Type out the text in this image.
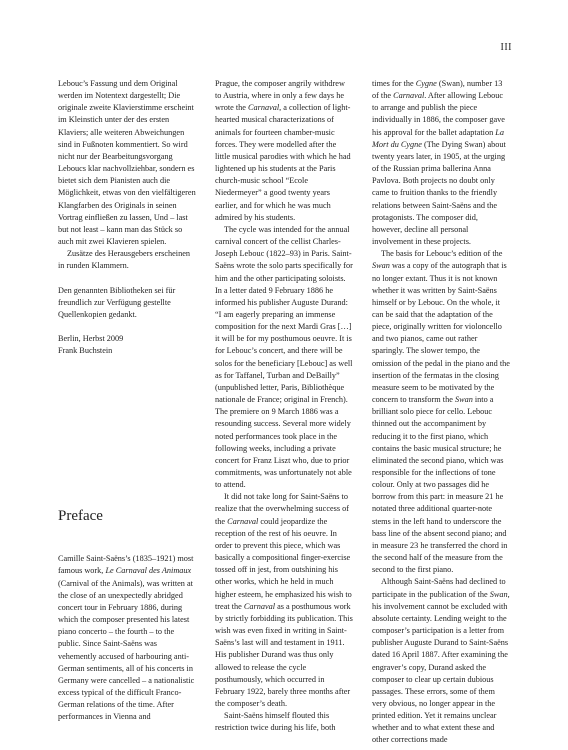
III

Lebouc’s Fassung und dem Original werden im Notentext dargestellt; Die originale zweite Klavierstimme erscheint im Kleinstich unter der des ersten Klaviers; alle weiteren Abweichungen sind in Fußnoten kommentiert. So wird nicht nur der Bearbeitungsvorgang Leboucs klar nachvollziehbar, sondern es bietet sich dem Pianisten auch die Möglichkeit, etwas von den vielfältigeren Klangfarben des Originals in seinen Vortrag einfließen zu lassen, Und – last but not least – kann man das Stück so auch mit zwei Klavieren spielen.

Zusätze des Herausgebers erscheinen in runden Klammern.

Den genannten Bibliotheken sei für freundlich zur Verfügung gestellte Quellenkopien gedankt.

Berlin, Herbst 2009

Frank Buchstein

Preface

Camille Saint-Saëns’s (1835–1921) most famous work, Le Carnaval des Animaux (Carnival of the Animals), was written at the close of an unexpectedly abridged concert tour in February 1886, during which the composer presented his latest piano concerto – the fourth – to the public. Since Saint-Saëns was vehemently accused of harbouring anti-German sentiments, all of his concerts in Germany were cancelled – a nationalistic excess typical of the difficult Franco-German relations of the time. After performances in Vienna and

Prague, the composer angrily withdrew to Austria, where in only a few days he wrote the Carnaval, a collection of light-hearted musical characterizations of animals for fourteen chamber-music forces. They were modelled after the little musical parodies with which he had lightened up his students at the Paris church-music school “Ecole Niedermeyer” a good twenty years earlier, and for which he was much admired by his students.

The cycle was intended for the annual carnival concert of the cellist Charles-Joseph Lebouc (1822–93) in Paris. Saint-Saëns wrote the solo parts specifically for him and the other participating soloists. In a letter dated 9 February 1886 he informed his publisher Auguste Durand: “I am eagerly preparing an immense composition for the next Mardi Gras […] it will be for my posthumous oeuvre. It is for Lebouc’s concert, and there will be solos for the beneficiary [Lebouc] as well as for Taffanel, Turban and DeBailly” (unpublished letter, Paris, Bibliothèque nationale de France; original in French). The premiere on 9 March 1886 was a resounding success. Several more widely noted performances took place in the following weeks, including a private concert for Franz Liszt who, due to prior commitments, was unfortunately not able to attend.

It did not take long for Saint-Saëns to realize that the overwhelming success of the Carnaval could jeopardize the reception of the rest of his oeuvre. In order to prevent this piece, which was basically a compositional finger-exercise tossed off in jest, from outshining his other works, which he held in much higher esteem, he emphasized his wish to treat the Carnaval as a posthumous work by strictly forbidding its publication. This wish was even fixed in writing in Saint-Saëns’s last will and testament in 1911. His publisher Durand was thus only allowed to release the cycle posthumously, which occurred in February 1922, barely three months after the composer’s death.

Saint-Saëns himself flouted this restriction twice during his life, both

times for the Cygne (Swan), number 13 of the Carnaval. After allowing Lebouc to arrange and publish the piece individually in 1886, the composer gave his approval for the ballet adaptation La Mort du Cygne (The Dying Swan) about twenty years later, in 1905, at the urging of the Russian prima ballerina Anna Pavlova. Both projects no doubt only came to fruition thanks to the friendly relations between Saint-Saëns and the protagonists. The composer did, however, decline all personal involvement in these projects.

The basis for Lebouc’s edition of the Swan was a copy of the autograph that is no longer extant. Thus it is not known whether it was written by Saint-Saëns himself or by Lebouc. On the whole, it can be said that the adaptation of the piece, originally written for violoncello and two pianos, came out rather sparingly. The slower tempo, the omission of the pedal in the piano and the insertion of the fermatas in the closing measure seem to be motivated by the concern to transform the Swan into a brilliant solo piece for cello. Lebouc thinned out the accompaniment by reducing it to the first piano, which contains the basic musical structure; he eliminated the second piano, which was responsible for the inflections of tone colour. Only at two passages did he borrow from this part: in measure 21 he notated three additional quarter-note stems in the left hand to underscore the bass line of the absent second piano; and in measure 23 he transferred the chord in the second half of the measure from the second to the first piano.

Although Saint-Saëns had declined to participate in the publication of the Swan, his involvement cannot be excluded with absolute certainty. Lending weight to the composer’s participation is a letter from publisher Auguste Durand to Saint-Saëns dated 16 April 1887. After examining the engraver’s copy, Durand asked the composer to clear up certain dubious passages. These errors, some of them very obvious, no longer appear in the printed edition. Yet it remains unclear whether and to what extent these and other corrections made
